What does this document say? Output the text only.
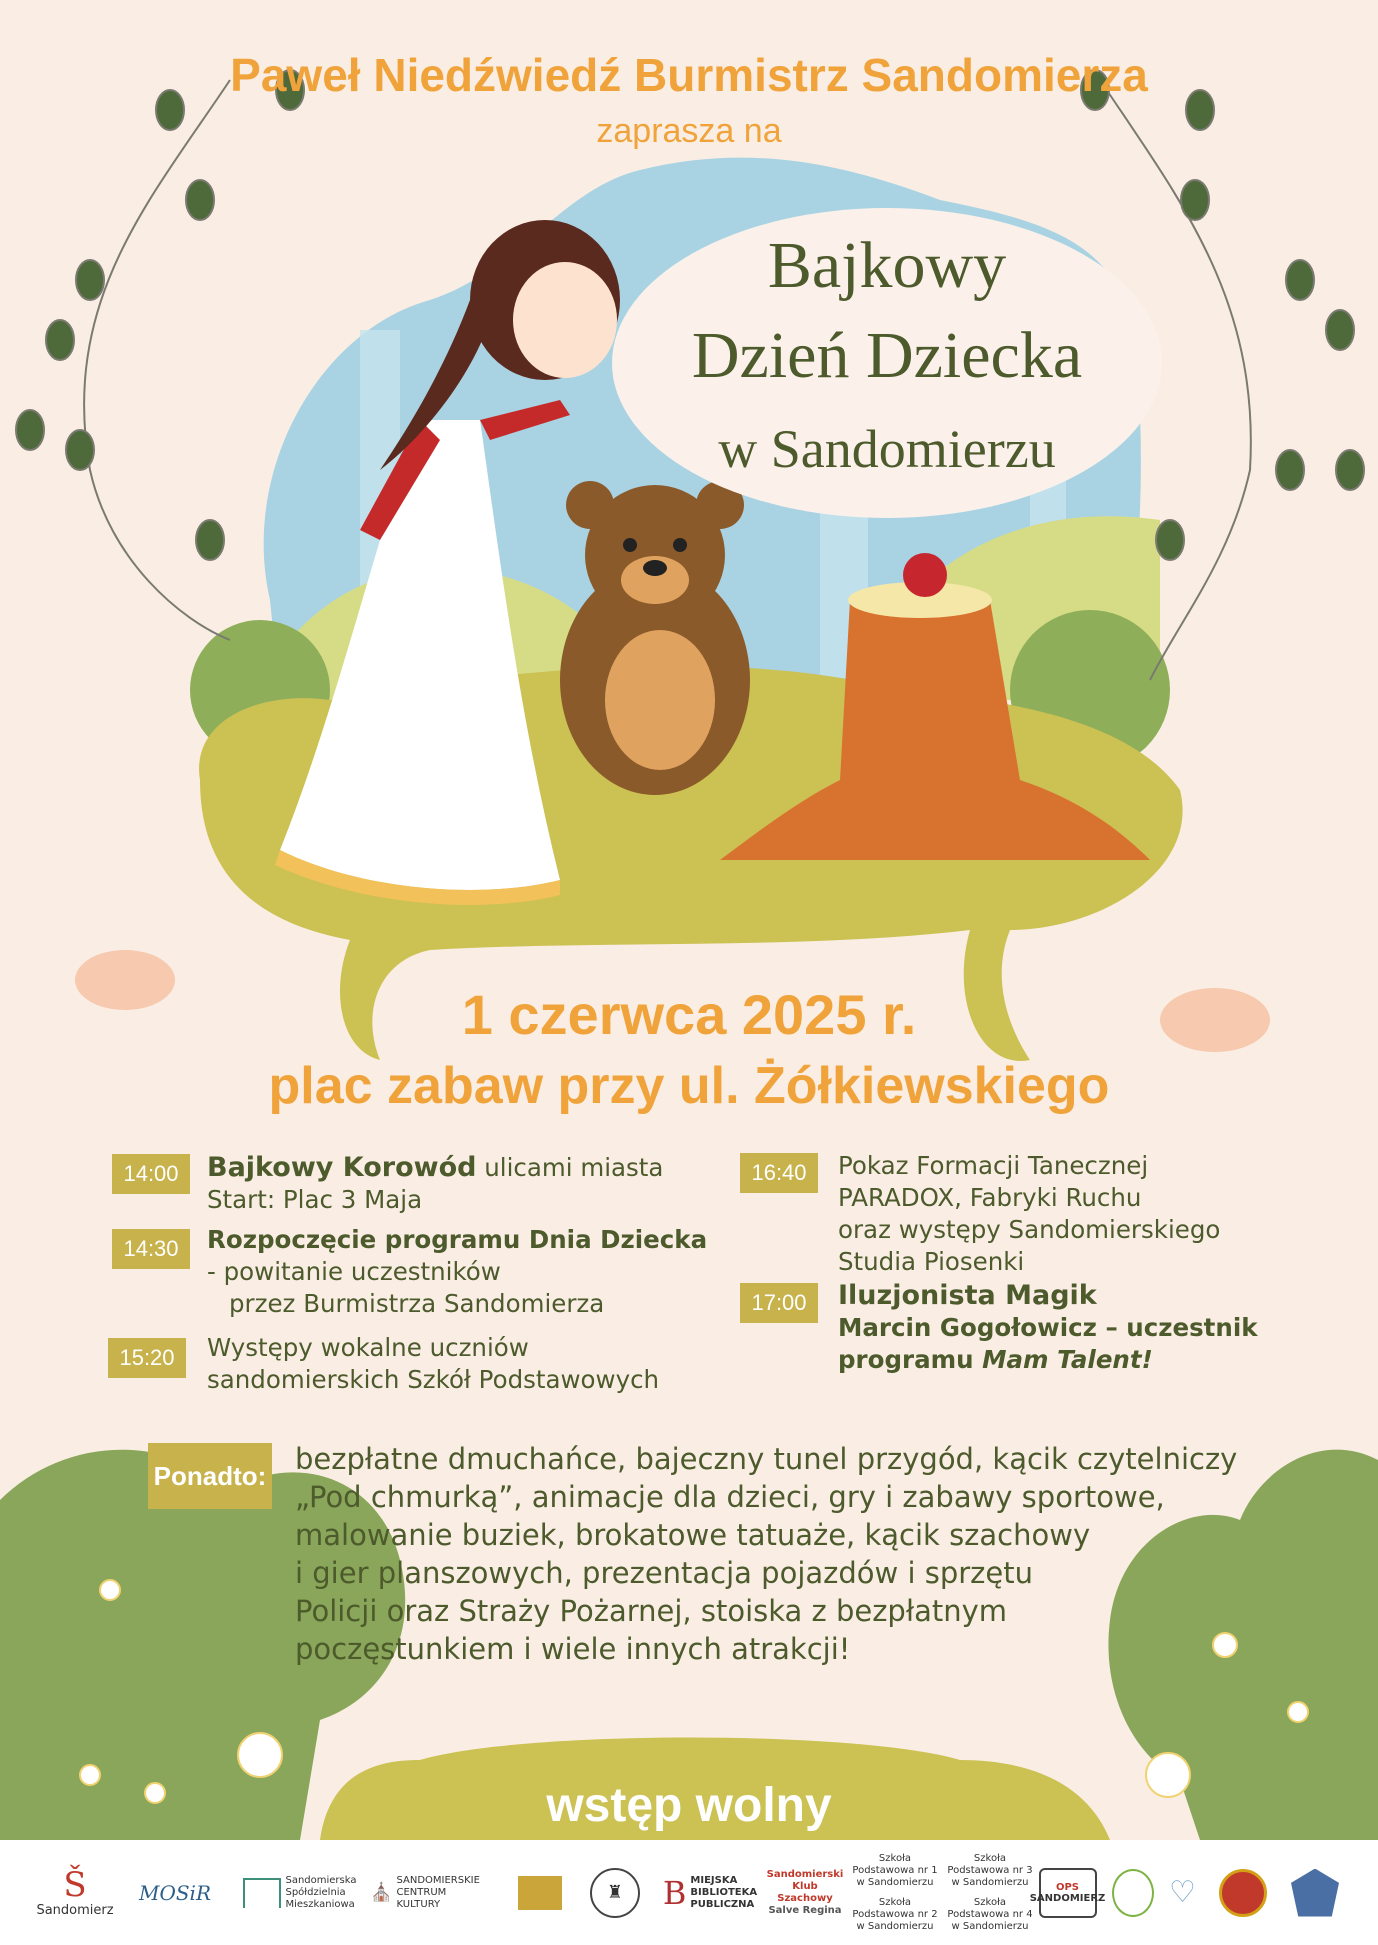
Paweł Niedźwiedź Burmistrz Sandomierza
zaprasza na
Bajkowy
Dzień Dziecka
w Sandomierzu
1 czerwca 2025 r.
plac zabaw przy ul. Żółkiewskiego
14:00	Bajkowy Korowód ulicami miasta
Start: Plac 3 Maja
14:30	Rozpoczęcie programu Dnia Dziecka
- powitanie uczestników
przez Burmistrza Sandomierza
15:20	Występy wokalne uczniów
sandomierskich Szkół Podstawowych
16:40	Pokaz Formacji Tanecznej
PARADOX, Fabryki Ruchu
oraz występy Sandomierskiego
Studia Piosenki
17:00	Iluzjonista Magik
Marcin Gogołowicz – uczestnik
programu Mam Talent!
Ponadto: bezpłatne dmuchańce, bajeczny tunel przygód, kącik czytelniczy
„Pod chmurką”, animacje dla dzieci, gry i zabawy sportowe,
malowanie buziek, brokatowe tatuaże, kącik szachowy
i gier planszowych, prezentacja pojazdów i sprzętu
Policji oraz Straży Pożarnej, stoiska z bezpłatnym
poczęstunkiem i wiele innych atrakcji!
wstęp wolny
Š
Sandomierz
MOSiR
Sandomierska
Spółdzielnia
Mieszkaniowa
⛪
SANDOMIERSKIE
CENTRUM
KULTURY
♜	B MIEJSKA
BIBLIOTEKA
PUBLICZNA
Sandomierski
Klub Szachowy
Salve Regina
Szkoła
Podstawowa nr 1
w Sandomierzu
Szkoła
Podstawowa nr 2
w Sandomierzu
Szkoła
Podstawowa nr 3
w Sandomierzu
Szkoła
Podstawowa nr 4
w Sandomierzu
OPS
SANDOMIERZ ♡
